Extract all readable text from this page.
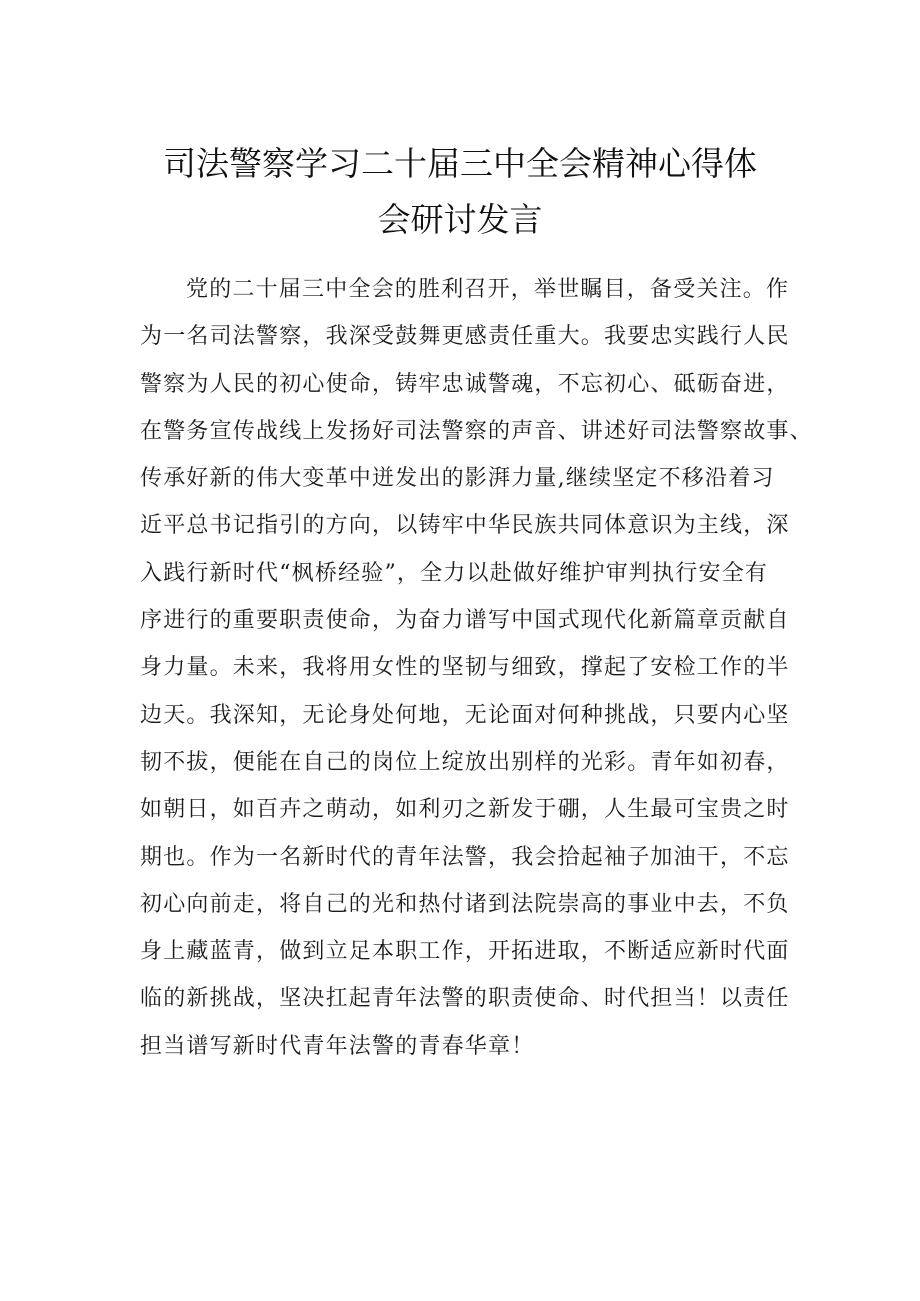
司法警察学习二十届三中全会精神心得体
会研讨发言
党的二十届三中全会的胜利召开，举世瞩目，备受关注。作
为一名司法警察，我深受鼓舞更感责任重大。我要忠实践行人民
警察为人民的初心使命，铸牢忠诚警魂，不忘初心、砥砺奋进，
在警务宣传战线上发扬好司法警察的声音、讲述好司法警察故事、
传承好新的伟大变革中迸发出的影湃力量,继续坚定不移沿着习
近平总书记指引的方向，以铸牢中华民族共同体意识为主线，深
入践行新时代“枫桥经验”，全力以赴做好维护审判执行安全有
序进行的重要职责使命，为奋力谱写中国式现代化新篇章贡献自
身力量。未来，我将用女性的坚韧与细致，撑起了安检工作的半
边天。我深知，无论身处何地，无论面对何种挑战，只要内心坚
韧不拔，便能在自己的岗位上绽放出别样的光彩。青年如初春，
如朝日，如百卉之萌动，如利刃之新发于硼，人生最可宝贵之时
期也。作为一名新时代的青年法警，我会拾起袖子加油干，不忘
初心向前走，将自己的光和热付诸到法院崇高的事业中去，不负
身上藏蓝青，做到立足本职工作，开拓进取，不断适应新时代面
临的新挑战，坚决扛起青年法警的职责使命、时代担当！以责任
担当谱写新时代青年法警的青春华章！
